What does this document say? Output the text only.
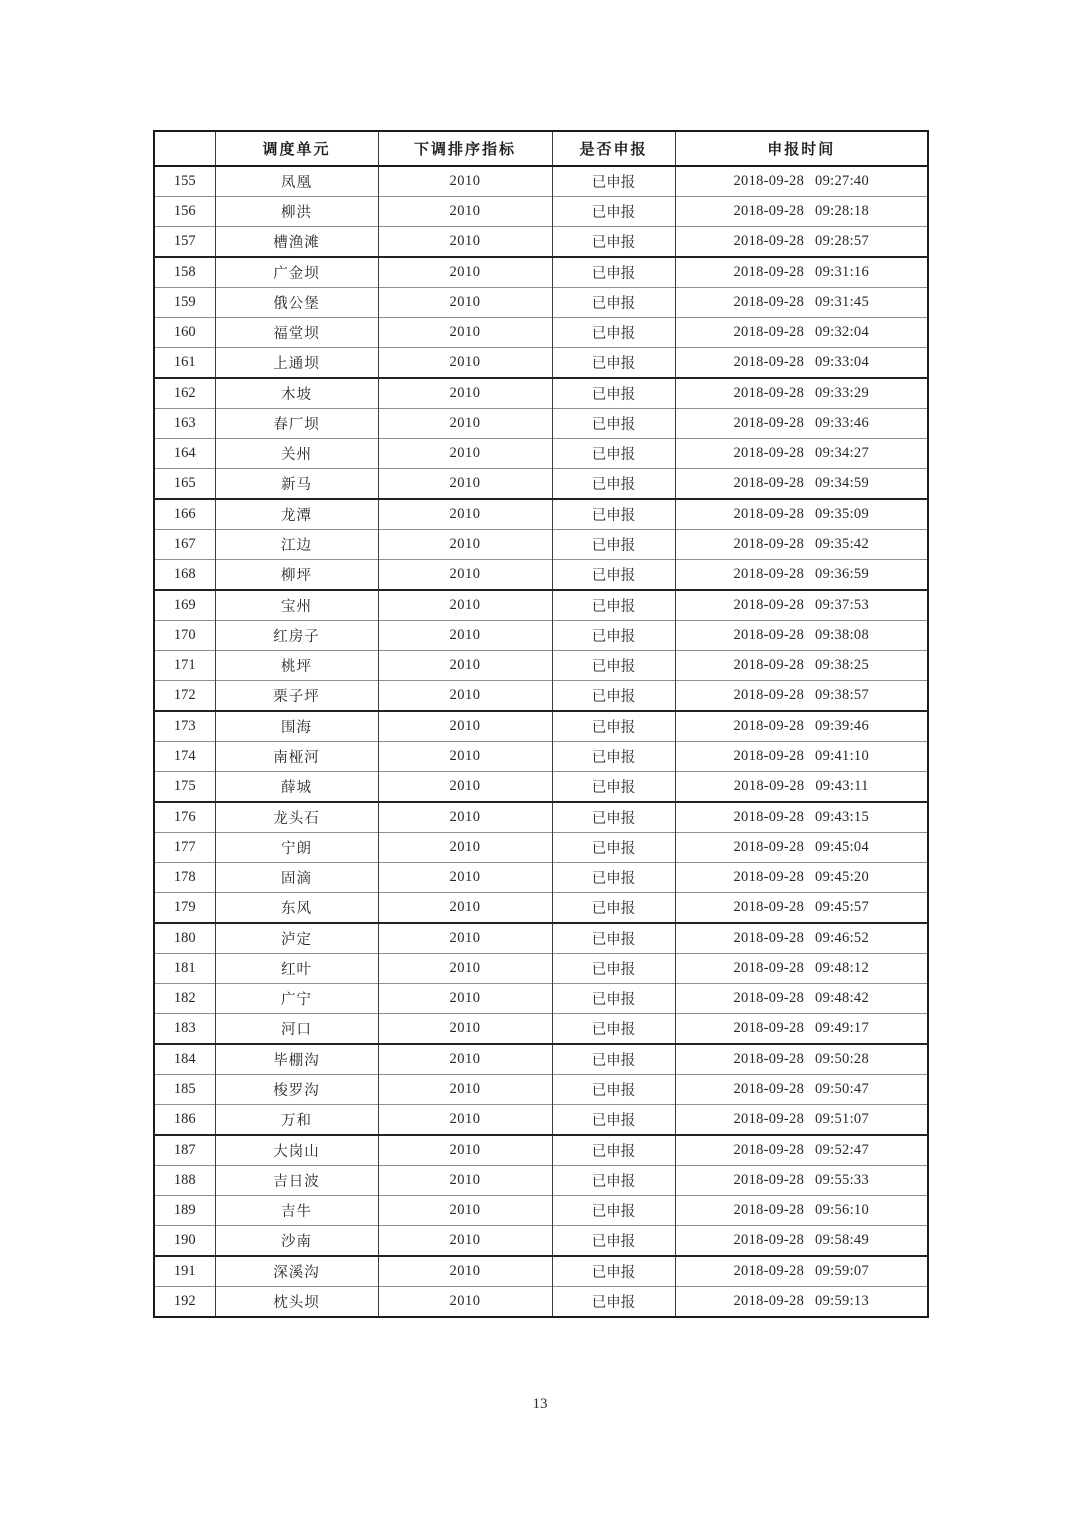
	调度单元	下调排序指标	是否申报	申报时间
155	凤凰	2010	已申报	2018-09-28 09:27:40
156	柳洪	2010	已申报	2018-09-28 09:28:18
157	槽渔滩	2010	已申报	2018-09-28 09:28:57
158	广金坝	2010	已申报	2018-09-28 09:31:16
159	俄公堡	2010	已申报	2018-09-28 09:31:45
160	福堂坝	2010	已申报	2018-09-28 09:32:04
161	上通坝	2010	已申报	2018-09-28 09:33:04
162	木坡	2010	已申报	2018-09-28 09:33:29
163	春厂坝	2010	已申报	2018-09-28 09:33:46
164	关州	2010	已申报	2018-09-28 09:34:27
165	新马	2010	已申报	2018-09-28 09:34:59
166	龙潭	2010	已申报	2018-09-28 09:35:09
167	江边	2010	已申报	2018-09-28 09:35:42
168	柳坪	2010	已申报	2018-09-28 09:36:59
169	宝州	2010	已申报	2018-09-28 09:37:53
170	红房子	2010	已申报	2018-09-28 09:38:08
171	桃坪	2010	已申报	2018-09-28 09:38:25
172	栗子坪	2010	已申报	2018-09-28 09:38:57
173	围海	2010	已申报	2018-09-28 09:39:46
174	南桠河	2010	已申报	2018-09-28 09:41:10
175	薛城	2010	已申报	2018-09-28 09:43:11
176	龙头石	2010	已申报	2018-09-28 09:43:15
177	宁朗	2010	已申报	2018-09-28 09:45:04
178	固滴	2010	已申报	2018-09-28 09:45:20
179	东风	2010	已申报	2018-09-28 09:45:57
180	泸定	2010	已申报	2018-09-28 09:46:52
181	红叶	2010	已申报	2018-09-28 09:48:12
182	广宁	2010	已申报	2018-09-28 09:48:42
183	河口	2010	已申报	2018-09-28 09:49:17
184	毕棚沟	2010	已申报	2018-09-28 09:50:28
185	梭罗沟	2010	已申报	2018-09-28 09:50:47
186	万和	2010	已申报	2018-09-28 09:51:07
187	大岗山	2010	已申报	2018-09-28 09:52:47
188	吉日波	2010	已申报	2018-09-28 09:55:33
189	吉牛	2010	已申报	2018-09-28 09:56:10
190	沙南	2010	已申报	2018-09-28 09:58:49
191	深溪沟	2010	已申报	2018-09-28 09:59:07
192	枕头坝	2010	已申报	2018-09-28 09:59:13
13
